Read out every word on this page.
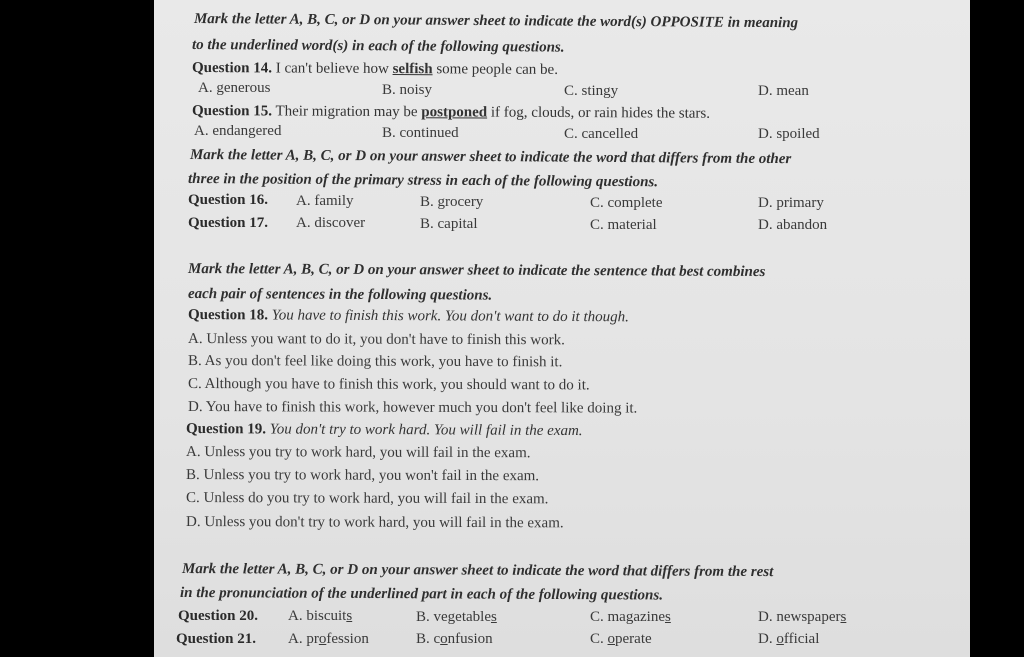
Mark the letter A, B, C, or D on your answer sheet to indicate the word(s) OPPOSITE in meaning
to the underlined word(s) in each of the following questions.
Question 14. I can't believe how selfish some people can be.
A. generous	B. noisy	C. stingy	D. mean
Question 15. Their migration may be postponed if fog, clouds, or rain hides the stars.
A. endangered	B. continued	C. cancelled	D. spoiled
Mark the letter A, B, C, or D on your answer sheet to indicate the word that differs from the other
three in the position of the primary stress in each of the following questions.
Question 16. A. family	B. grocery	C. complete	D. primary
Question 17. A. discover	B. capital	C. material	D. abandon
Mark the letter A, B, C, or D on your answer sheet to indicate the sentence that best combines
each pair of sentences in the following questions.
Question 18. You have to finish this work. You don't want to do it though.
A. Unless you want to do it, you don't have to finish this work.
B. As you don't feel like doing this work, you have to finish it.
C. Although you have to finish this work, you should want to do it.
D. You have to finish this work, however much you don't feel like doing it.
Question 19. You don't try to work hard. You will fail in the exam.
A. Unless you try to work hard, you will fail in the exam.
B. Unless you try to work hard, you won't fail in the exam.
C. Unless do you try to work hard, you will fail in the exam.
D. Unless you don't try to work hard, you will fail in the exam.
Mark the letter A, B, C, or D on your answer sheet to indicate the word that differs from the rest
in the pronunciation of the underlined part in each of the following questions.
Question 20. A. biscuits	B. vegetables	C. magazines	D. newspapers
Question 21. A. profession	B. confusion	C. operate	D. official
